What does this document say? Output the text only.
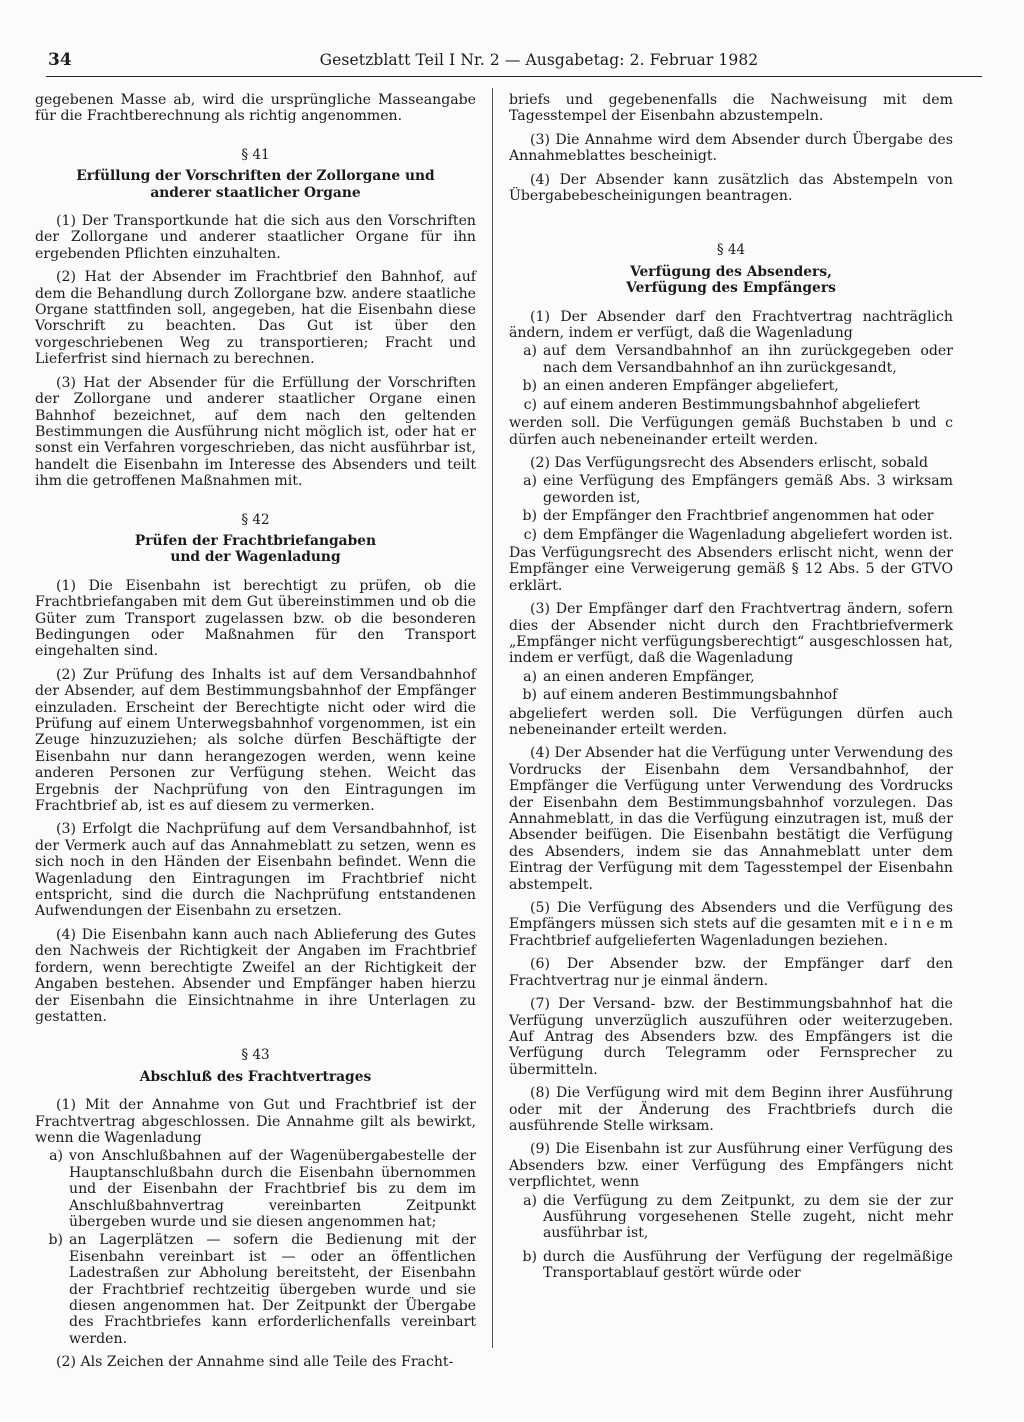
34	Gesetzblatt Teil I Nr. 2 — Ausgabetag: 2. Februar 1982

gegebenen Masse ab, wird die ursprüngliche Masseangabe für die Frachtberechnung als richtig angenommen.

§ 41
Erfüllung der Vorschriften der Zollorgane und
anderer staatlicher Organe

(1) Der Transportkunde hat die sich aus den Vorschriften der Zollorgane und anderer staatlicher Organe für ihn ergebenden Pflichten einzuhalten.

(2) Hat der Absender im Frachtbrief den Bahnhof, auf dem die Behandlung durch Zollorgane bzw. andere staatliche Organe stattfinden soll, angegeben, hat die Eisenbahn diese Vorschrift zu beachten. Das Gut ist über den vorgeschriebenen Weg zu transportieren; Fracht und Lieferfrist sind hiernach zu berechnen.

(3) Hat der Absender für die Erfüllung der Vorschriften der Zollorgane und anderer staatlicher Organe einen Bahnhof bezeichnet, auf dem nach den geltenden Bestimmungen die Ausführung nicht möglich ist, oder hat er sonst ein Verfahren vorgeschrieben, das nicht ausführbar ist, handelt die Eisenbahn im Interesse des Absenders und teilt ihm die getroffenen Maßnahmen mit.

§ 42
Prüfen der Frachtbriefangaben
und der Wagenladung

(1) Die Eisenbahn ist berechtigt zu prüfen, ob die Frachtbriefangaben mit dem Gut übereinstimmen und ob die Güter zum Transport zugelassen bzw. ob die besonderen Bedingungen oder Maßnahmen für den Transport eingehalten sind.

(2) Zur Prüfung des Inhalts ist auf dem Versandbahnhof der Absender, auf dem Bestimmungsbahnhof der Empfänger einzuladen. Erscheint der Berechtigte nicht oder wird die Prüfung auf einem Unterwegsbahnhof vorgenommen, ist ein Zeuge hinzuzuziehen; als solche dürfen Beschäftigte der Eisenbahn nur dann herangezogen werden, wenn keine anderen Personen zur Verfügung stehen. Weicht das Ergebnis der Nachprüfung von den Eintragungen im Frachtbrief ab, ist es auf diesem zu vermerken.

(3) Erfolgt die Nachprüfung auf dem Versandbahnhof, ist der Vermerk auch auf das Annahmeblatt zu setzen, wenn es sich noch in den Händen der Eisenbahn befindet. Wenn die Wagenladung den Eintragungen im Frachtbrief nicht entspricht, sind die durch die Nachprüfung entstandenen Aufwendungen der Eisenbahn zu ersetzen.

(4) Die Eisenbahn kann auch nach Ablieferung des Gutes den Nachweis der Richtigkeit der Angaben im Frachtbrief fordern, wenn berechtigte Zweifel an der Richtigkeit der Angaben bestehen. Absender und Empfänger haben hierzu der Eisenbahn die Einsichtnahme in ihre Unterlagen zu gestatten.

§ 43
Abschluß des Frachtvertrages

(1) Mit der Annahme von Gut und Frachtbrief ist der Frachtvertrag abgeschlossen. Die Annahme gilt als bewirkt, wenn die Wagenladung

a) von Anschlußbahnen auf der Wagenübergabestelle der Hauptanschlußbahn durch die Eisenbahn übernommen und der Eisenbahn der Frachtbrief bis zu dem im Anschlußbahnvertrag vereinbarten Zeitpunkt übergeben wurde und sie diesen angenommen hat;
b) an Lagerplätzen — sofern die Bedienung mit der Eisenbahn vereinbart ist — oder an öffentlichen Ladestraßen zur Abholung bereitsteht, der Eisenbahn der Frachtbrief rechtzeitig übergeben wurde und sie diesen angenommen hat. Der Zeitpunkt der Übergabe des Frachtbriefes kann erforderlichenfalls vereinbart werden.

(2) Als Zeichen der Annahme sind alle Teile des Fracht-

briefs und gegebenenfalls die Nachweisung mit dem Tagesstempel der Eisenbahn abzustempeln.

(3) Die Annahme wird dem Absender durch Übergabe des Annahmeblattes bescheinigt.

(4) Der Absender kann zusätzlich das Abstempeln von Übergabebescheinigungen beantragen.

§ 44
Verfügung des Absenders,
Verfügung des Empfängers

(1) Der Absender darf den Frachtvertrag nachträglich ändern, indem er verfügt, daß die Wagenladung

a) auf dem Versandbahnhof an ihn zurückgegeben oder nach dem Versandbahnhof an ihn zurückgesandt,
b) an einen anderen Empfänger abgeliefert,
c) auf einem anderen Bestimmungsbahnhof abgeliefert

werden soll. Die Verfügungen gemäß Buchstaben b und c dürfen auch nebeneinander erteilt werden.

(2) Das Verfügungsrecht des Absenders erlischt, sobald

a) eine Verfügung des Empfängers gemäß Abs. 3 wirksam geworden ist,
b) der Empfänger den Frachtbrief angenommen hat oder
c) dem Empfänger die Wagenladung abgeliefert worden ist.

Das Verfügungsrecht des Absenders erlischt nicht, wenn der Empfänger eine Verweigerung gemäß § 12 Abs. 5 der GTVO erklärt.

(3) Der Empfänger darf den Frachtvertrag ändern, sofern dies der Absender nicht durch den Frachtbriefvermerk „Empfänger nicht verfügungsberechtigt“ ausgeschlossen hat, indem er verfügt, daß die Wagenladung

a) an einen anderen Empfänger,
b) auf einem anderen Bestimmungsbahnhof

abgeliefert werden soll. Die Verfügungen dürfen auch nebeneinander erteilt werden.

(4) Der Absender hat die Verfügung unter Verwendung des Vordrucks der Eisenbahn dem Versandbahnhof, der Empfänger die Verfügung unter Verwendung des Vordrucks der Eisenbahn dem Bestimmungsbahnhof vorzulegen. Das Annahmeblatt, in das die Verfügung einzutragen ist, muß der Absender beifügen. Die Eisenbahn bestätigt die Verfügung des Absenders, indem sie das Annahmeblatt unter dem Eintrag der Verfügung mit dem Tagesstempel der Eisenbahn abstempelt.

(5) Die Verfügung des Absenders und die Verfügung des Empfängers müssen sich stets auf die gesamten mit e i n e m Frachtbrief aufgelieferten Wagenladungen beziehen.

(6) Der Absender bzw. der Empfänger darf den Frachtvertrag nur je einmal ändern.

(7) Der Versand- bzw. der Bestimmungsbahnhof hat die Verfügung unverzüglich auszuführen oder weiterzugeben. Auf Antrag des Absenders bzw. des Empfängers ist die Verfügung durch Telegramm oder Fernsprecher zu übermitteln.

(8) Die Verfügung wird mit dem Beginn ihrer Ausführung oder mit der Änderung des Frachtbriefs durch die ausführende Stelle wirksam.

(9) Die Eisenbahn ist zur Ausführung einer Verfügung des Absenders bzw. einer Verfügung des Empfängers nicht verpflichtet, wenn

a) die Verfügung zu dem Zeitpunkt, zu dem sie der zur Ausführung vorgesehenen Stelle zugeht, nicht mehr ausführbar ist,
b) durch die Ausführung der Verfügung der regelmäßige Transportablauf gestört würde oder
